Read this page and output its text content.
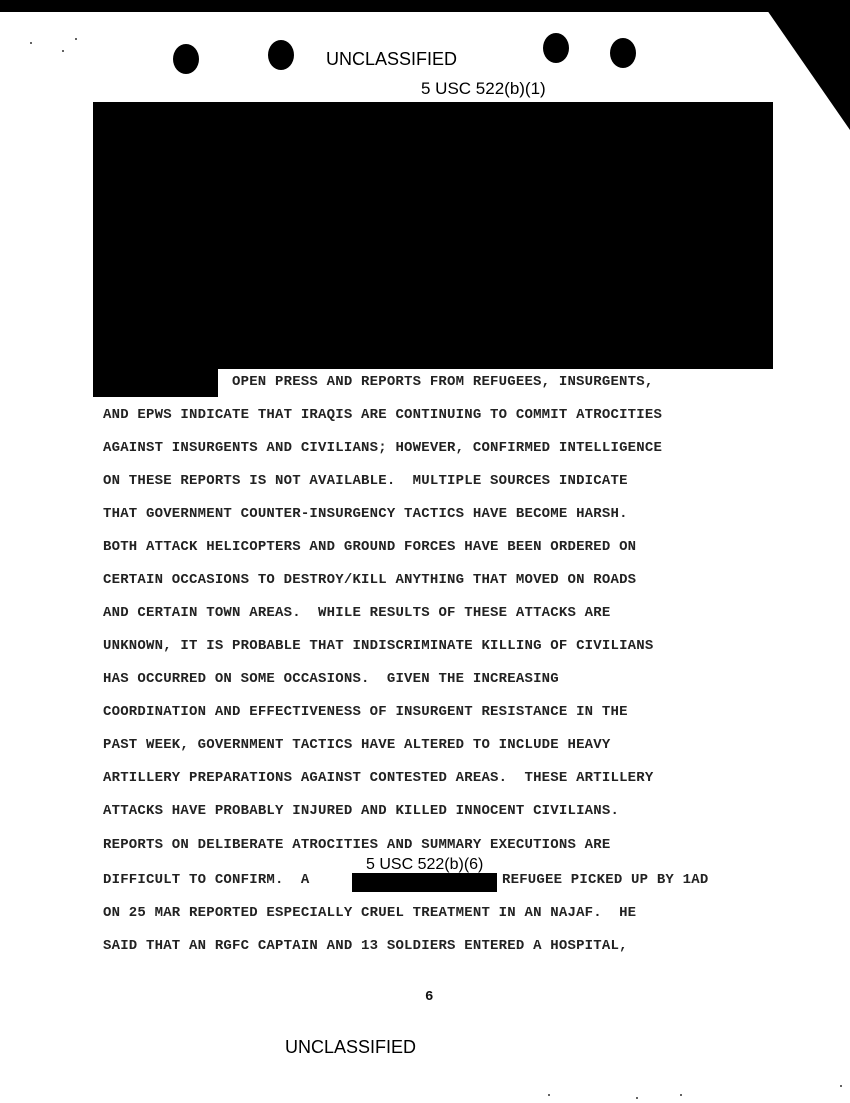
UNCLASSIFIED
5 USC 522(b)(1)
OPEN PRESS AND REPORTS FROM REFUGEES, INSURGENTS,
AND EPWS INDICATE THAT IRAQIS ARE CONTINUING TO COMMIT ATROCITIES
AGAINST INSURGENTS AND CIVILIANS; HOWEVER, CONFIRMED INTELLIGENCE
ON THESE REPORTS IS NOT AVAILABLE.  MULTIPLE SOURCES INDICATE
THAT GOVERNMENT COUNTER-INSURGENCY TACTICS HAVE BECOME HARSH.
BOTH ATTACK HELICOPTERS AND GROUND FORCES HAVE BEEN ORDERED ON
CERTAIN OCCASIONS TO DESTROY/KILL ANYTHING THAT MOVED ON ROADS
AND CERTAIN TOWN AREAS.  WHILE RESULTS OF THESE ATTACKS ARE
UNKNOWN, IT IS PROBABLE THAT INDISCRIMINATE KILLING OF CIVILIANS
HAS OCCURRED ON SOME OCCASIONS.  GIVEN THE INCREASING
COORDINATION AND EFFECTIVENESS OF INSURGENT RESISTANCE IN THE
PAST WEEK, GOVERNMENT TACTICS HAVE ALTERED TO INCLUDE HEAVY
ARTILLERY PREPARATIONS AGAINST CONTESTED AREAS.  THESE ARTILLERY
ATTACKS HAVE PROBABLY INJURED AND KILLED INNOCENT CIVILIANS.
REPORTS ON DELIBERATE ATROCITIES AND SUMMARY EXECUTIONS ARE
DIFFICULT TO CONFIRM.  A
5 USC 522(b)(6)
REFUGEE PICKED UP BY 1AD
ON 25 MAR REPORTED ESPECIALLY CRUEL TREATMENT IN AN NAJAF.  HE
SAID THAT AN RGFC CAPTAIN AND 13 SOLDIERS ENTERED A HOSPITAL,
6
UNCLASSIFIED
